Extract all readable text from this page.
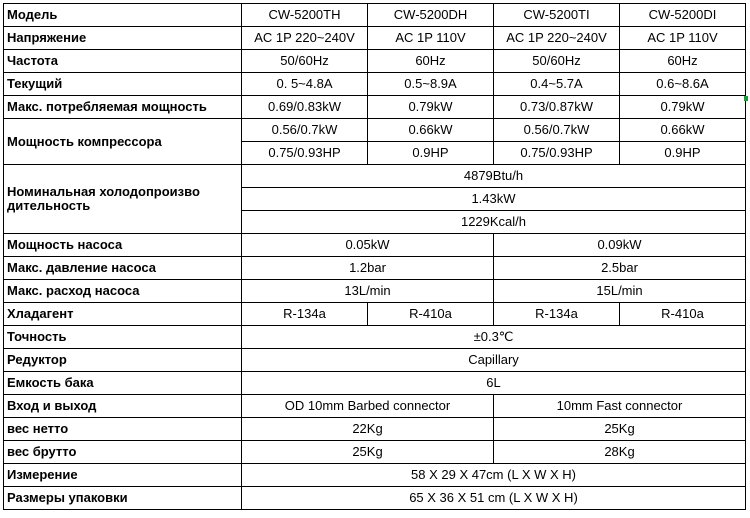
Модель	CW-5200TH	CW-5200DH	CW-5200TI	CW-5200DI
Напряжение	AC 1P 220~240V	AC 1P 110V	AC 1P 220~240V	AC 1P 110V
Частота	50/60Hz	60Hz	50/60Hz	60Hz
Текущий	0. 5~4.8A	0.5~8.9A	0.4~5.7A	0.6~8.6A
Макс. потребляемая мощность	0.69/0.83kW	0.79kW	0.73/0.87kW	0.79kW
Мощность компрессора	0.56/0.7kW	0.66kW	0.56/0.7kW	0.66kW
	0.75/0.93HP	0.9HP	0.75/0.93HP	0.9HP
Номинальная холодопроизво дительность	4879Btu/h			
	1.43kW			
	1229Kcal/h			
Мощность насоса	0.05kW		0.09kW	
Макс. давление насоса	1.2bar		2.5bar	
Макс. расход насоса	13L/min		15L/min	
Хладагент	R-134a	R-410a	R-134a	R-410a
Точность	±0.3℃			
Редуктор	Capillary			
Емкость бака	6L			
Вход и выход	OD 10mm Barbed connector		10mm Fast connector	
вес нетто	22Kg		25Kg	
вес брутто	25Kg		28Kg	
Измерение	58 X 29 X 47cm (L X W X H)			
Размеры упаковки	65 X 36 X 51 cm (L X W X H)			
